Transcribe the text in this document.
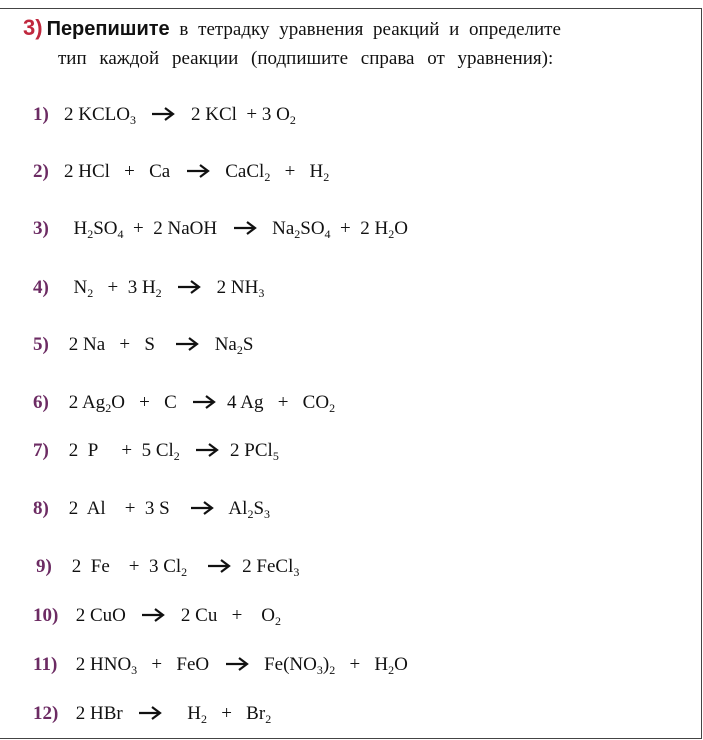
3) Перепишите в тетрадку уравнения реакций и определите
тип каждой реакции (подпишите справа от уравнения):
1) 2 $KCLO_3 \to 2$ KCl  + 3 $O_2$
2) 2 HCl   +   Ca → CaCl$_2$   +   $H_2$
3) $H_2SO_4 + 2$ NaOH → $Na_2SO_4 + 2$ $H_2O$
4) $N_2 + 3$ $H_2 \to 2$ $NH_3$
5) 2 $Na + S \to Na_2S$
6) 2 $Ag_2O + C \to 4$ $Ag + CO_2$
7) 2  P     +  5 $Cl_2 \to 2$ PCl$_5$
8) 2  Al    +  3 $S \to Al_2S_3$
9) 2  Fe    +  3 $Cl_2 \to 2$ FeCl$_3$
10) 2 CuO → 2 Cu   +    $O_2$
11) 2 $HNO_3$   +   FeO → $Fe(NO_3)_2 + H_2O$
12) 2 HBr → $H_2 + Br_2$
